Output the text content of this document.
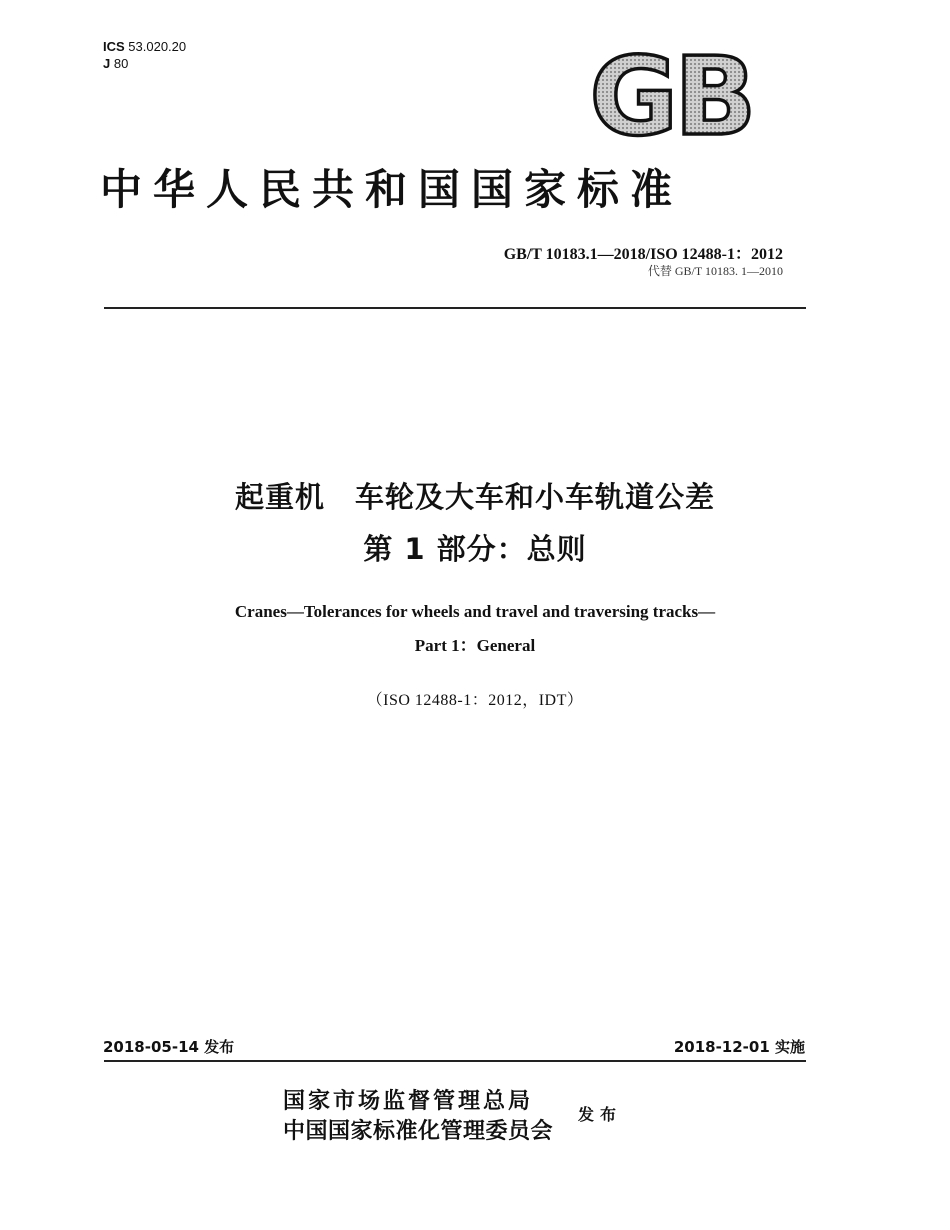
ICS 53.020.20
J 80	GB
中华人民共和国国家标准
GB/T 10183.1—2018/ISO 12488-1：2012
代替 GB/T 10183. 1—2010
起重机　车轮及大车和小车轨道公差
第 1 部分：总则
Cranes—Tolerances for wheels and travel and traversing tracks—
Part 1：General
（ISO 12488-1：2012，IDT）
2018-05-14 发布	2018-12-01 实施
国家市场监督管理总局
中国国家标准化管理委员会
发布
